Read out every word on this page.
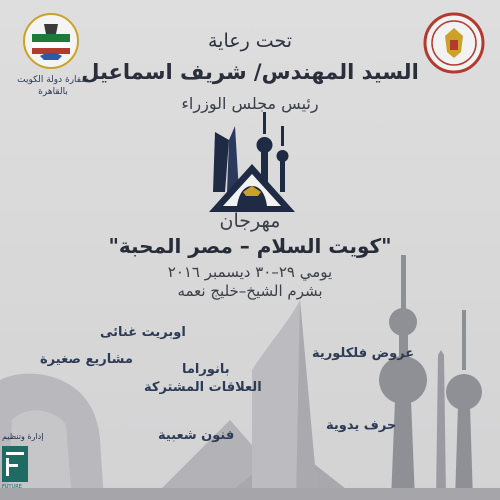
سفارة دولة الكويت بالقاهرة
تحت رعاية
السيد المهندس/ شريف اسماعيل
رئيس مجلس الوزراء
مهرجان
"كويت السلام – مصر المحبة"
يومي ٢٩–٣٠ ديسمبر ٢٠١٦
بشرم الشيخ–خليج نعمه
اوبريت غنائى
مشاريع صغيرة	عروض فلكلورية
بانوراما
العلاقات المشتركة
حرف يدوية
فنون شعبية
إدارة وتنظيم
FUTURE
